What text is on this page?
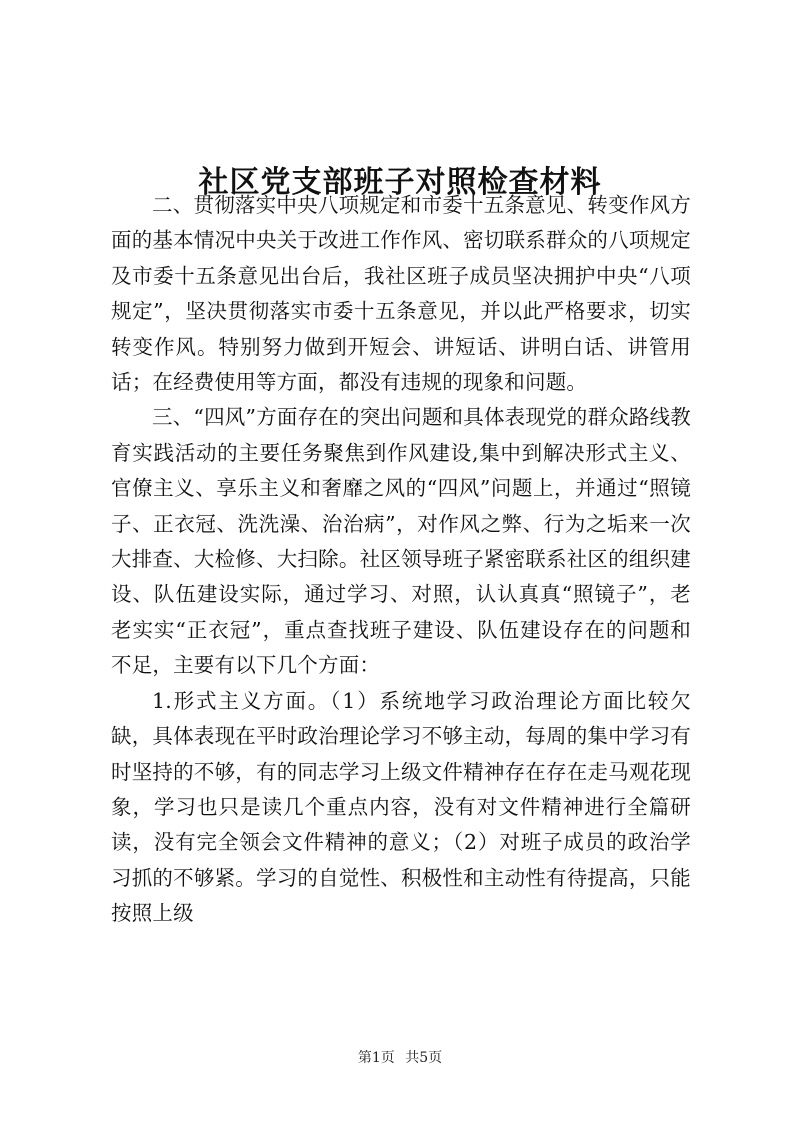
社区党支部班子对照检查材料

二、贯彻落实中央八项规定和市委十五条意见、转变作风方面的基本情况中央关于改进工作作风、密切联系群众的八项规定及市委十五条意见出台后，我社区班子成员坚决拥护中央“八项规定”，坚决贯彻落实市委十五条意见，并以此严格要求，切实转变作风。特别努力做到开短会、讲短话、讲明白话、讲管用话；在经费使用等方面，都没有违规的现象和问题。

三、“四风”方面存在的突出问题和具体表现党的群众路线教育实践活动的主要任务聚焦到作风建设,集中到解决形式主义、官僚主义、享乐主义和奢靡之风的“四风”问题上，并通过“照镜子、正衣冠、洗洗澡、治治病”，对作风之弊、行为之垢来一次大排查、大检修、大扫除。社区领导班子紧密联系社区的组织建设、队伍建设实际，通过学习、对照，认认真真“照镜子”，老老实实“正衣冠”，重点查找班子建设、队伍建设存在的问题和不足，主要有以下几个方面：

1.形式主义方面。（1）系统地学习政治理论方面比较欠缺，具体表现在平时政治理论学习不够主动，每周的集中学习有时坚持的不够，有的同志学习上级文件精神存在存在走马观花现象，学习也只是读几个重点内容，没有对文件精神进行全篇研读，没有完全领会文件精神的意义；（2）对班子成员的政治学习抓的不够紧。学习的自觉性、积极性和主动性有待提高，只能按照上级

第1页 共5页
